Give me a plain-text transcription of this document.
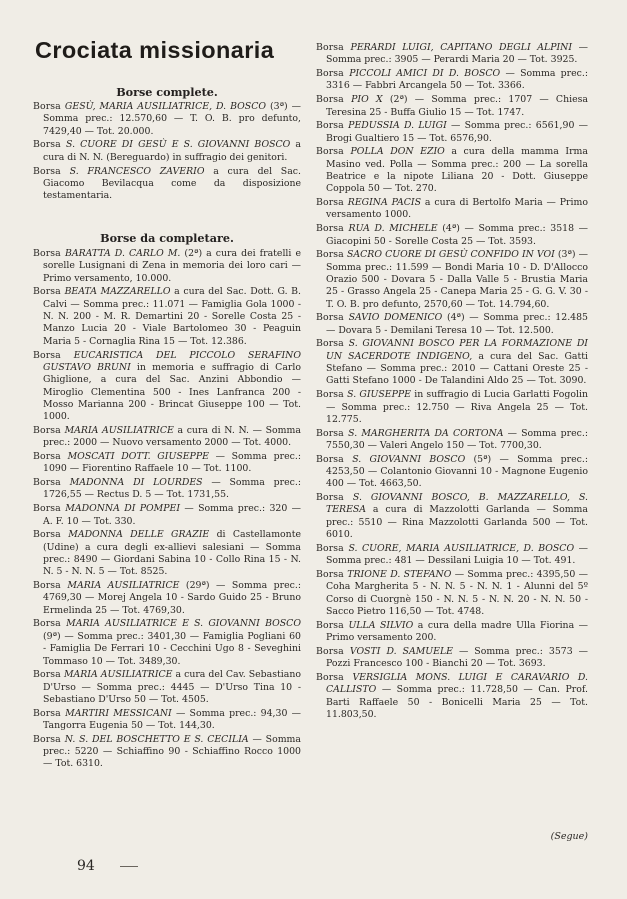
Crociata missionaria
Borse complete.

Borsa GESÙ, MARIA AUSILIATRICE, D. BOSCO (3ª) — Somma prec.: 12.570,60 — T. O. B. pro defunto, 7429,40 — Tot. 20.000.

Borsa S. CUORE DI GESÙ E S. GIOVANNI BOSCO a cura di N. N. (Bereguardo) in suffragio dei genitori.

Borsa S. FRANCESCO ZAVERIO a cura del Sac. Giacomo Bevilacqua come da disposizione testamentaria.

Borse da completare.

Borsa BARATTA D. CARLO M. (2ª) a cura dei fratelli e sorelle Lusignani di Zena in memoria dei loro cari — Primo versamento, 10.000.

Borsa BEATA MAZZARELLO a cura del Sac. Dott. G. B. Calvi — Somma prec.: 11.071 — Famiglia Gola 1000 - N. N. 200 - M. R. Demartini 20 - Sorelle Costa 25 - Manzo Lucia 20 - Viale Bartolomeo 30 - Peaguin Maria 5 - Cornaglia Rina 15 — Tot. 12.386.

Borsa EUCARISTICA DEL PICCOLO SERAFINO GUSTAVO BRUNI in memoria e suffragio di Carlo Ghiglione, a cura del Sac. Anzini Abbondio — Miroglio Clementina 500 - Ines Lanfranca 200 - Mosso Marianna 200 - Brincat Giuseppe 100 — Tot. 1000.

Borsa MARIA AUSILIATRICE a cura di N. N. — Somma prec.: 2000 — Nuovo versamento 2000 — Tot. 4000.

Borsa MOSCATI DOTT. GIUSEPPE — Somma prec.: 1090 — Fiorentino Raffaele 10 — Tot. 1100.

Borsa MADONNA DI LOURDES — Somma prec.: 1726,55 — Rectus D. 5 — Tot. 1731,55.

Borsa MADONNA DI POMPEI — Somma prec.: 320 — A. F. 10 — Tot. 330.

Borsa MADONNA DELLE GRAZIE di Castellamonte (Udine) a cura degli ex-allievi salesiani — Somma prec.: 8490 — Giordani Sabina 10 - Collo Rina 15 - N. N. 5 - N. N. 5 — Tot. 8525.

Borsa MARIA AUSILIATRICE (29ª) — Somma prec.: 4769,30 — Morej Angela 10 - Sardo Guido 25 - Bruno Ermelinda 25 — Tot. 4769,30.

Borsa MARIA AUSILIATRICE E S. GIOVANNI BOSCO (9ª) — Somma prec.: 3401,30 — Famiglia Pogliani 60 - Famiglia De Ferrari 10 - Cecchini Ugo 8 - Seveghini Tommaso 10 — Tot. 3489,30.

Borsa MARIA AUSILIATRICE a cura del Cav. Sebastiano D'Urso — Somma prec.: 4445 — D'Urso Tina 10 - Sebastiano D'Urso 50 — Tot. 4505.

Borsa MARTIRI MESSICANI — Somma prec.: 94,30 — Tangorra Eugenia 50 — Tot. 144,30.

Borsa N. S. DEL BOSCHETTO E S. CECILIA — Somma prec.: 5220 — Schiaffino 90 - Schiaffino Rocco 1000 — Tot. 6310.

Borsa PERARDI LUIGI, CAPITANO DEGLI ALPINI — Somma prec.: 3905 — Perardi Maria 20 — Tot. 3925.

Borsa PICCOLI AMICI DI D. BOSCO — Somma prec.: 3316 — Fabbri Arcangela 50 — Tot. 3366.

Borsa PIO X (2ª) — Somma prec.: 1707 — Chiesa Teresina 25 - Buffa Giulio 15 — Tot. 1747.

Borsa PEDUSSIA D. LUIGI — Somma prec.: 6561,90 — Brogi Gualtiero 15 — Tot. 6576,90.

Borsa POLLA DON EZIO a cura della mamma Irma Masino ved. Polla — Somma prec.: 200 — La sorella Beatrice e la nipote Liliana 20 - Dott. Giuseppe Coppola 50 — Tot. 270.

Borsa REGINA PACIS a cura di Bertolfo Maria — Primo versamento 1000.

Borsa RUA D. MICHELE (4ª) — Somma prec.: 3518 — Giacopini 50 - Sorelle Costa 25 — Tot. 3593.

Borsa SACRO CUORE DI GESÙ CONFIDO IN VOI (3ª) — Somma prec.: 11.599 — Bondi Maria 10 - D. D'Allocco Orazio 500 - Dovara 5 - Dalla Valle 5 - Brustia Maria 25 - Grasso Angela 25 - Canepa Maria 25 - G. G. V. 30 - T. O. B. pro defunto, 2570,60 — Tot. 14.794,60.

Borsa SAVIO DOMENICO (4ª) — Somma prec.: 12.485 — Dovara 5 - Demilani Teresa 10 — Tot. 12.500.

Borsa S. GIOVANNI BOSCO PER LA FORMAZIONE DI UN SACERDOTE INDIGENO, a cura del Sac. Gatti Stefano — Somma prec.: 2010 — Cattani Oreste 25 - Gatti Stefano 1000 - De Talandini Aldo 25 — Tot. 3090.

Borsa S. GIUSEPPE in suffragio di Lucia Garlatti Fogolin — Somma prec.: 12.750 — Riva Angela 25 — Tot. 12.775.

Borsa S. MARGHERITA DA CORTONA — Somma prec.: 7550,30 — Valeri Angelo 150 — Tot. 7700,30.

Borsa S. GIOVANNI BOSCO (5ª) — Somma prec.: 4253,50 — Colantonio Giovanni 10 - Magnone Eugenio 400 — Tot. 4663,50.

Borsa S. GIOVANNI BOSCO, B. MAZZARELLO, S. TERESA a cura di Mazzolotti Garlanda — Somma prec.: 5510 — Rina Mazzolotti Garlanda 500 — Tot. 6010.

Borsa S. CUORE, MARIA AUSILIATRICE, D. BOSCO — Somma prec.: 481 — Dessilani Luigia 10 — Tot. 491.

Borsa TRIONE D. STEFANO — Somma prec.: 4395,50 — Coha Margherita 5 - N. N. 5 - N. N. 1 - Alunni del 5º Corso di Cuorgnè 150 - N. N. 5 - N. N. 20 - N. N. 50 - Sacco Pietro 116,50 — Tot. 4748.

Borsa ULLA SILVIO a cura della madre Ulla Fiorina — Primo versamento 200.

Borsa VOSTI D. SAMUELE — Somma prec.: 3573 — Pozzi Francesco 100 - Bianchi 20 — Tot. 3693.

Borsa VERSIGLIA MONS. LUIGI E CARAVARIO D. CALLISTO — Somma prec.: 11.728,50 — Can. Prof. Barti Raffaele 50 - Bonicelli Maria 25 — Tot. 11.803,50.

(Segue)

94
